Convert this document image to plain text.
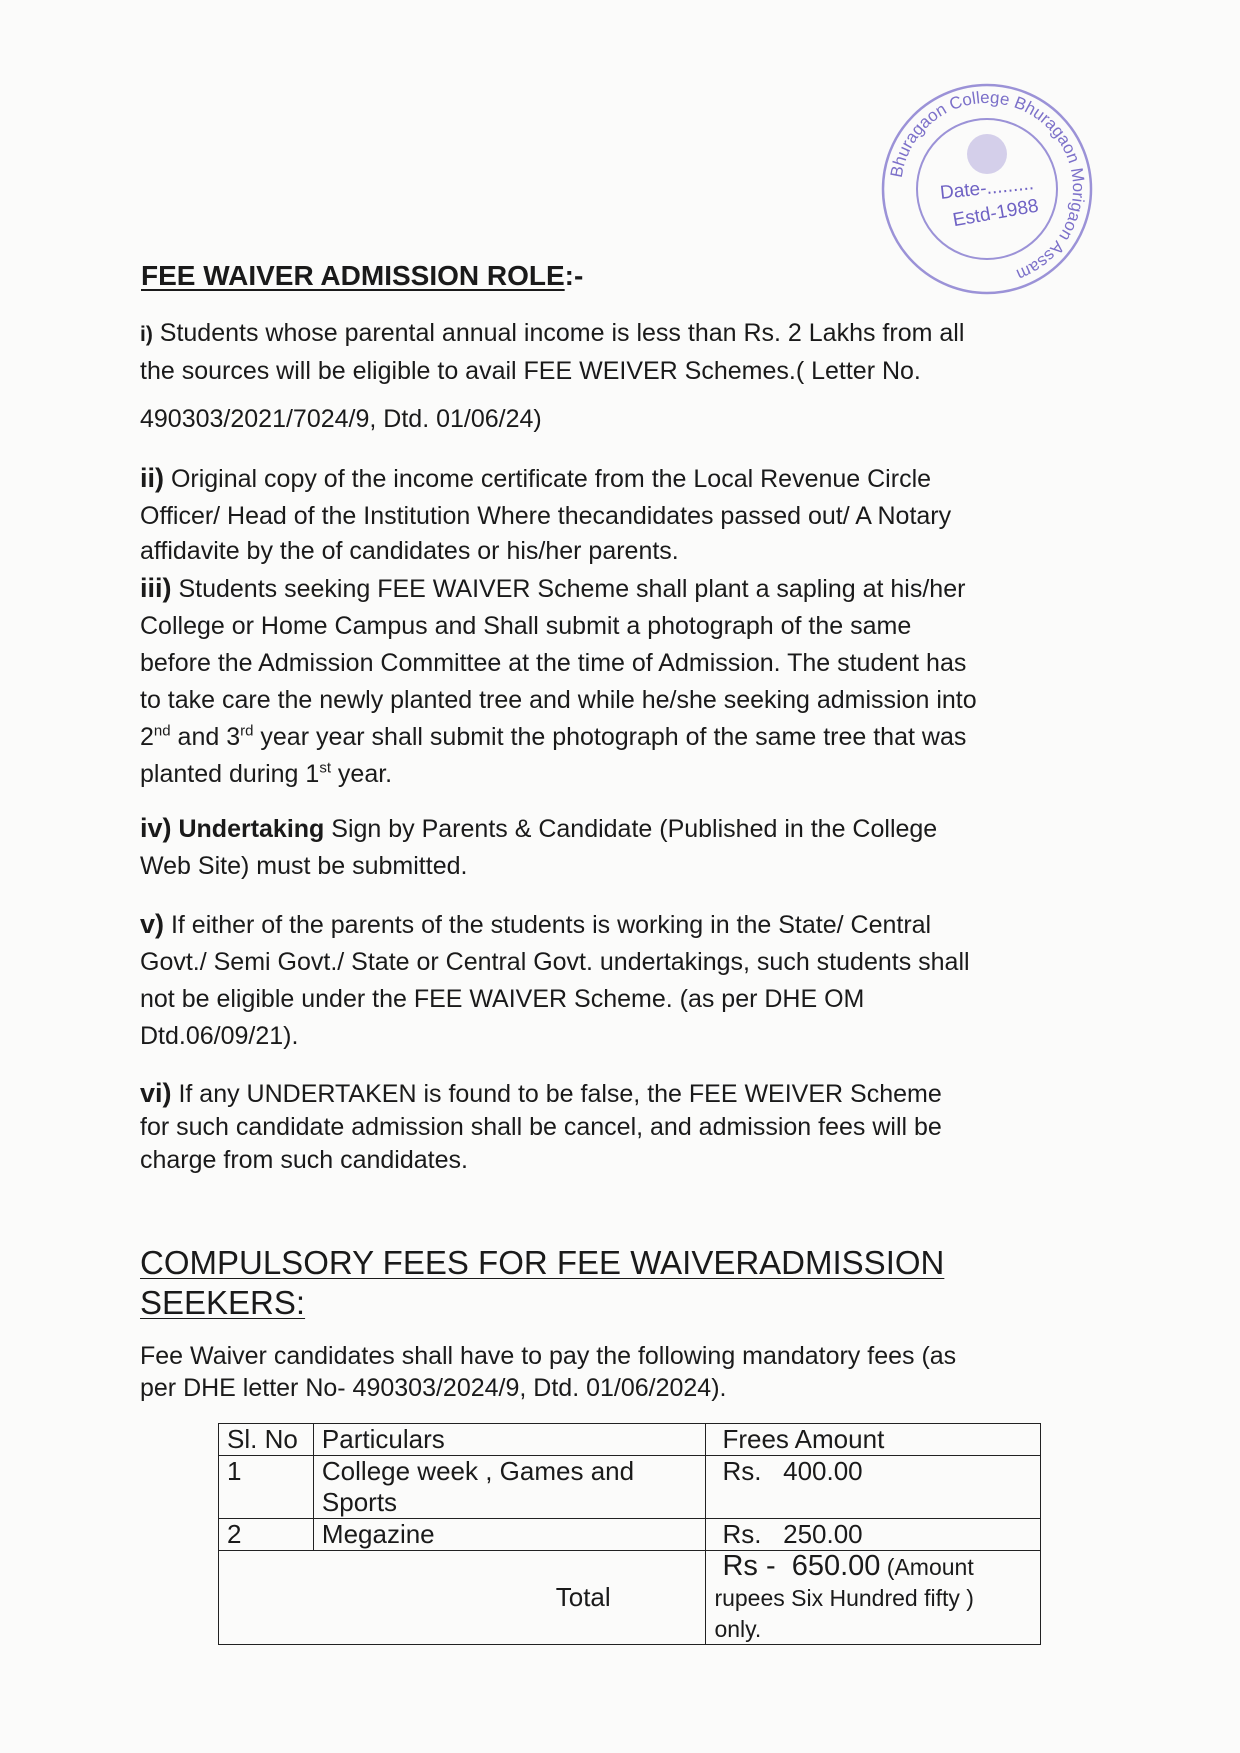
Bhuragaon College Bhuragaon Morigaon Assam
Date-.........
Estd-1988
FEE WAIVER ADMISSION ROLE:-
i) Students whose parental annual income is less than Rs. 2 Lakhs from all
the sources will be eligible to avail FEE WEIVER Schemes.( Letter No.
490303/2021/7024/9, Dtd. 01/06/24)
ii) Original copy of the income certificate from the Local Revenue Circle
Officer/ Head of the Institution Where thecandidates passed out/ A Notary
affidavite by the of candidates or his/her parents.
iii) Students seeking FEE WAIVER Scheme shall plant a sapling at his/her
College or Home Campus and Shall submit a photograph of the same
before the Admission Committee at the time of Admission. The student has
to take care the newly planted tree and while he/she seeking admission into
2nd and 3rd year year shall submit the photograph of the same tree that was
planted during 1st year.
iv) Undertaking Sign by Parents & Candidate (Published in the College
Web Site) must be submitted.
v) If either of the parents of the students is working in the State/ Central
Govt./ Semi Govt./ State or Central Govt. undertakings, such students shall
not be eligible under the FEE WAIVER Scheme. (as per DHE OM
Dtd.06/09/21).
vi) If any UNDERTAKEN is found to be false, the FEE WEIVER Scheme
for such candidate admission shall be cancel, and admission fees will be
charge from such candidates.
COMPULSORY FEES FOR FEE WAIVERADMISSION
SEEKERS:
Fee Waiver candidates shall have to pay the following mandatory fees (as
per DHE letter No- 490303/2024/9, Dtd. 01/06/2024).
Sl. No	Particulars	Frees Amount
1	College week , Games and
Sports	Rs.   400.00
2	Megazine	Rs.   250.00
Total		Rs -  650.00 (Amount
rupees Six Hundred fifty )
only.
